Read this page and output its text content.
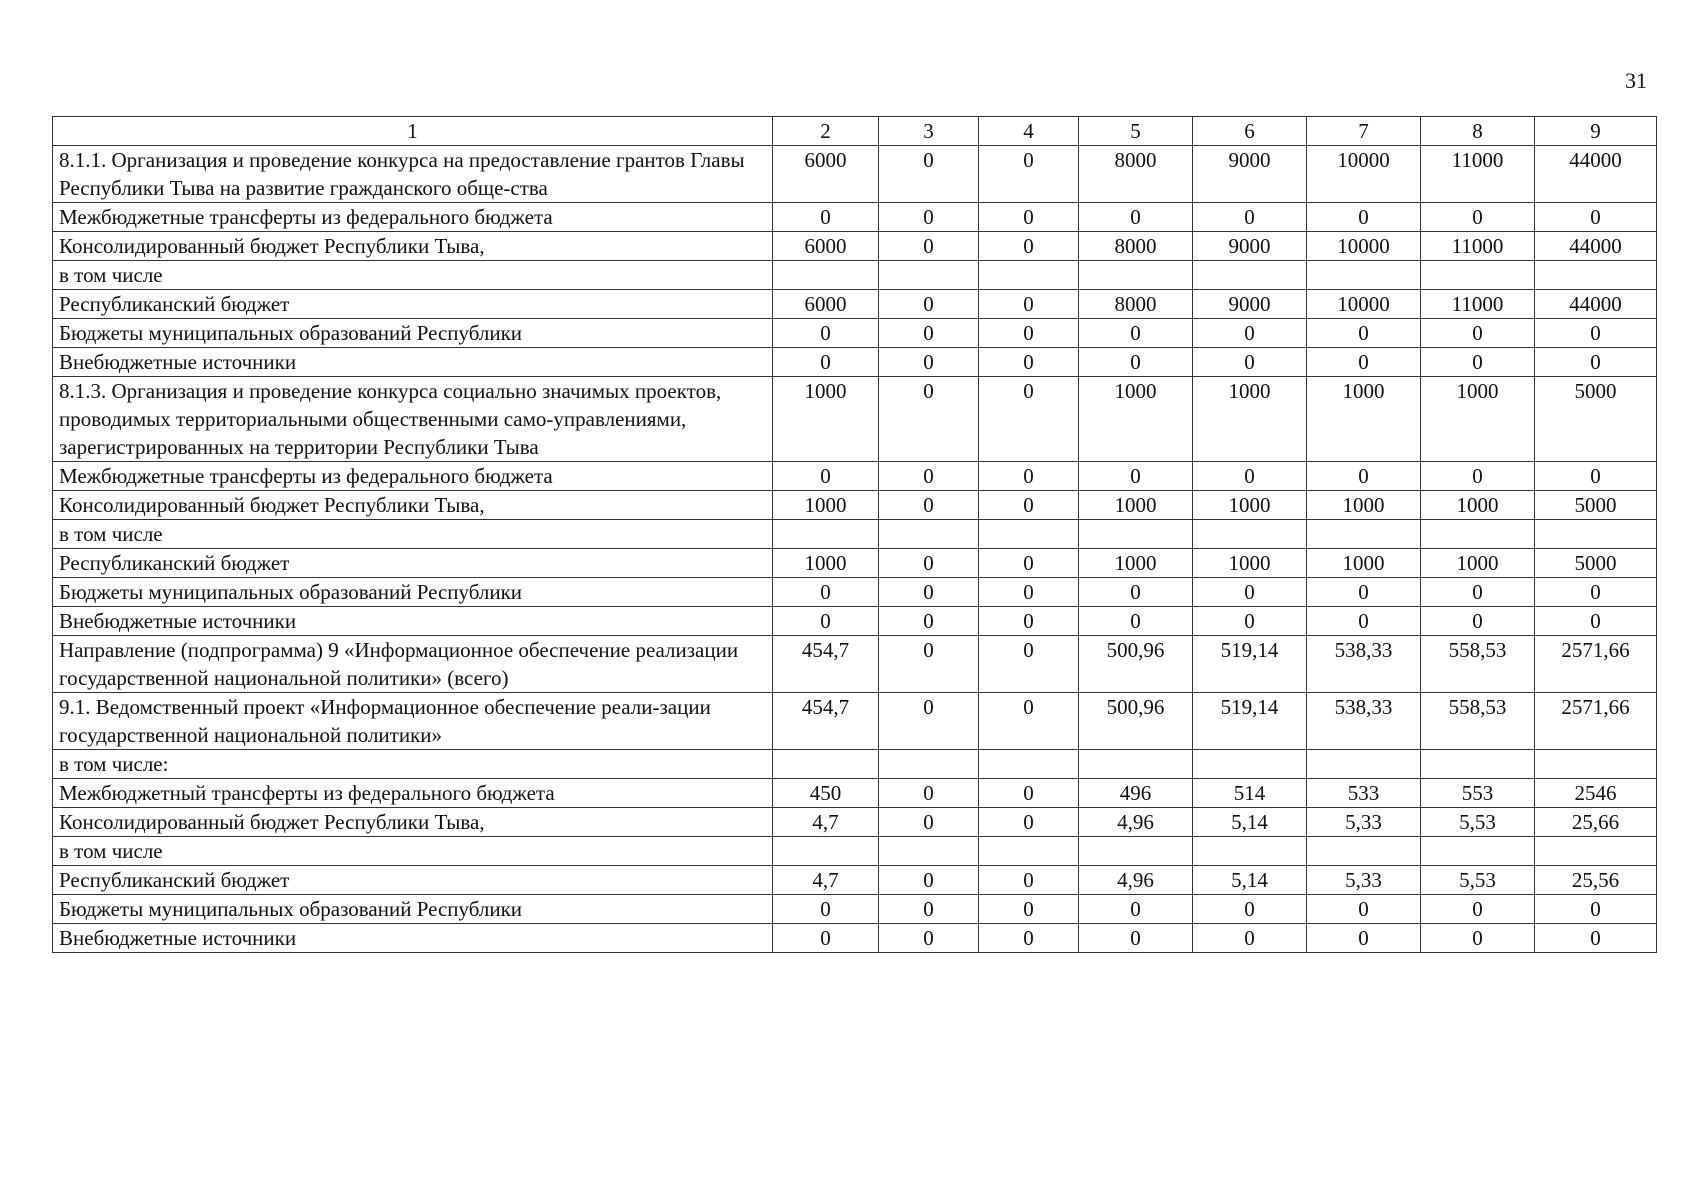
31
1	2	3	4	5	6	7	8	9
8.1.1. Организация и проведение конкурса на предоставление грантов Главы Республики Тыва на развитие гражданского обще-ства	6000	0	0	8000	9000	10000	11000	44000
Межбюджетные трансферты из федерального бюджета	0	0	0	0	0	0	0	0
Консолидированный бюджет Республики Тыва,	6000	0	0	8000	9000	10000	11000	44000
в том числе								
Республиканский бюджет	6000	0	0	8000	9000	10000	11000	44000
Бюджеты муниципальных образований Республики	0	0	0	0	0	0	0	0
Внебюджетные источники	0	0	0	0	0	0	0	0
8.1.3. Организация и проведение конкурса социально значимых проектов, проводимых территориальными общественными само-управлениями, зарегистрированных на территории Республики Тыва	1000	0	0	1000	1000	1000	1000	5000
Межбюджетные трансферты из федерального бюджета	0	0	0	0	0	0	0	0
Консолидированный бюджет Республики Тыва,	1000	0	0	1000	1000	1000	1000	5000
в том числе								
Республиканский бюджет	1000	0	0	1000	1000	1000	1000	5000
Бюджеты муниципальных образований Республики	0	0	0	0	0	0	0	0
Внебюджетные источники	0	0	0	0	0	0	0	0
Направление (подпрограмма) 9 «Информационное обеспечение реализации государственной национальной политики» (всего)	454,7	0	0	500,96	519,14	538,33	558,53	2571,66
9.1. Ведомственный проект «Информационное обеспечение реали-зации государственной национальной политики»	454,7	0	0	500,96	519,14	538,33	558,53	2571,66
в том числе:								
Межбюджетный трансферты из федерального бюджета	450	0	0	496	514	533	553	2546
Консолидированный бюджет Республики Тыва,	4,7	0	0	4,96	5,14	5,33	5,53	25,66
в том числе								
Республиканский бюджет	4,7	0	0	4,96	5,14	5,33	5,53	25,56
Бюджеты муниципальных образований Республики	0	0	0	0	0	0	0	0
Внебюджетные источники	0	0	0	0	0	0	0	0
